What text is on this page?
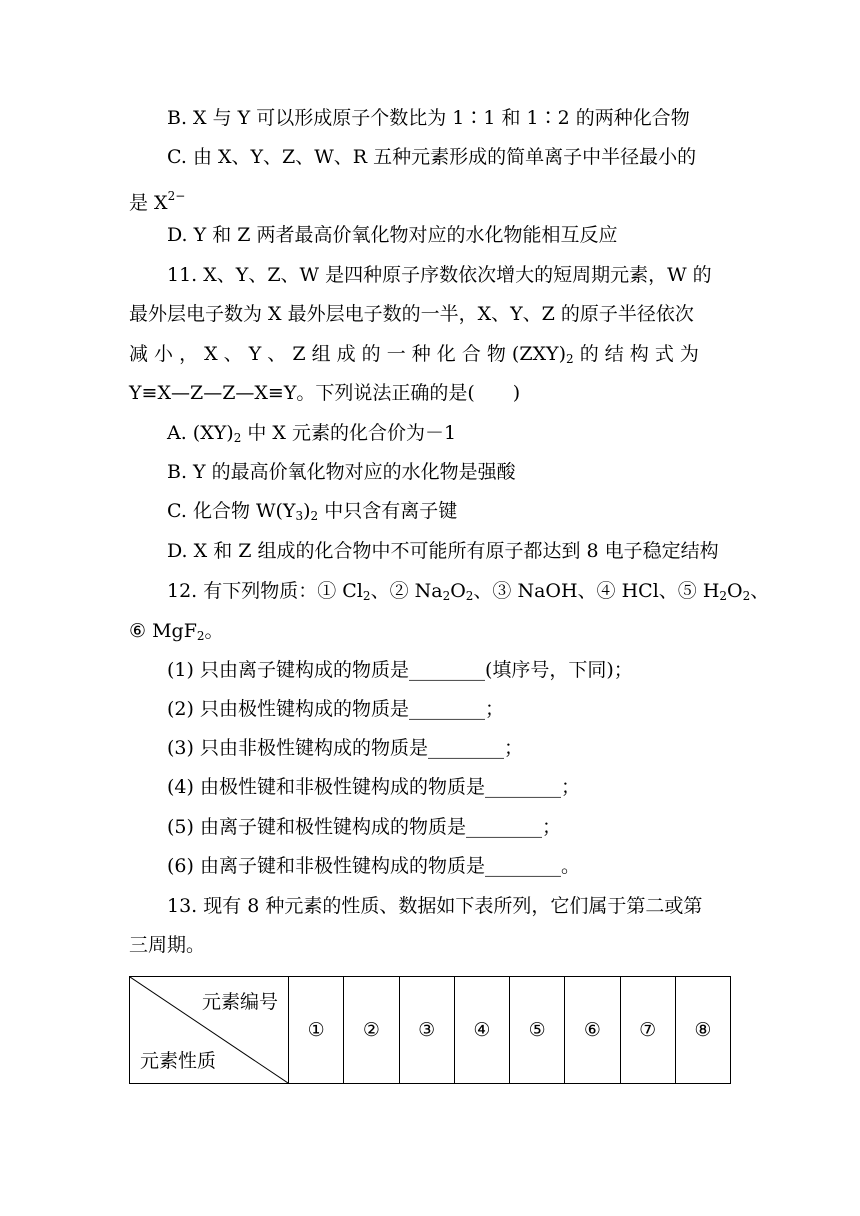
B. X 与 Y 可以形成原子个数比为 1∶1 和 1∶2 的两种化合物
C. 由 X、Y、Z、W、R 五种元素形成的简单离子中半径最小的
是 $X^{2-}$
D. Y 和 Z 两者最高价氧化物对应的水化物能相互反应
11. X、Y、Z、W 是四种原子序数依次增大的短周期元素，W 的
最外层电子数为 X 最外层电子数的一半，X、Y、Z 的原子半径依次
减 小 ， X 、 Y 、 Z 组 成 的 一 种 化 合 物 $(ZXY)_2$ 的 结 构 式 为
Y≡X—Z—Z—X≡Y。下列说法正确的是(　　)
A. $(XY)_2$ 中 X 元素的化合价为－1
B. Y 的最高价氧化物对应的水化物是强酸
C. 化合物 $W(Y_3)_2$ 中只含有离子键
D. X 和 Z 组成的化合物中不可能所有原子都达到 8 电子稳定结构
12. 有下列物质：① $Cl_2$、② $Na_2O_2$、③ NaOH、④ HCl、⑤ $H_2O_2$、
⑥ MgF$_2$。
(1) 只由离子键构成的物质是________(填序号，下同)；
(2) 只由极性键构成的物质是________；
(3) 只由非极性键构成的物质是________；
(4) 由极性键和非极性键构成的物质是________；
(5) 由离子键和极性键构成的物质是________；
(6) 由离子键和非极性键构成的物质是________。
13. 现有 8 种元素的性质、数据如下表所列，它们属于第二或第
三周期。
元素编号
元素性质
	①	②	③	④	⑤	⑥	⑦	⑧
